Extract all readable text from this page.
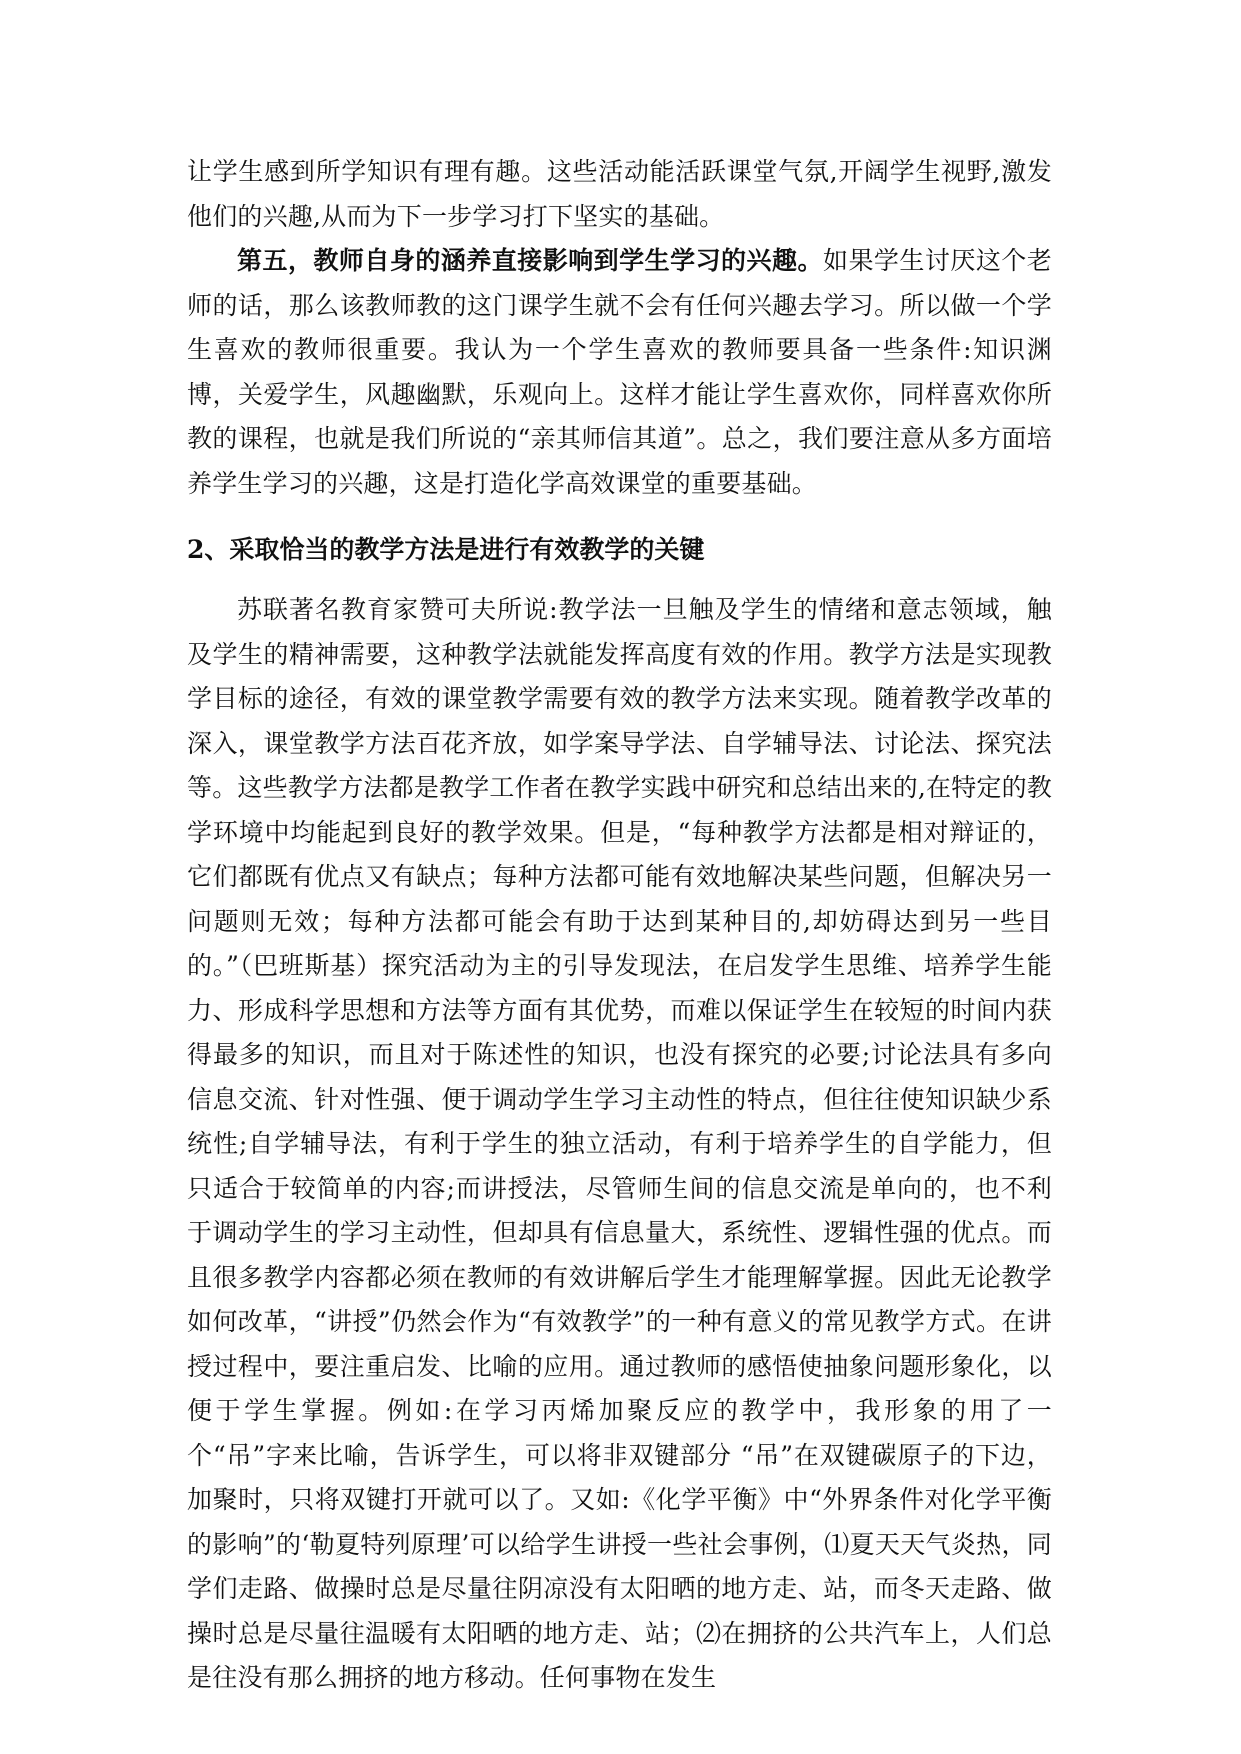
让学生感到所学知识有理有趣。这些活动能活跃课堂气氛,开阔学生视野,激发他们的兴趣,从而为下一步学习打下坚实的基础。

第五，教师自身的涵养直接影响到学生学习的兴趣。如果学生讨厌这个老师的话，那么该教师教的这门课学生就不会有任何兴趣去学习。所以做一个学生喜欢的教师很重要。我认为一个学生喜欢的教师要具备一些条件:知识渊博，关爱学生，风趣幽默，乐观向上。这样才能让学生喜欢你，同样喜欢你所教的课程，也就是我们所说的“亲其师信其道”。总之，我们要注意从多方面培养学生学习的兴趣，这是打造化学高效课堂的重要基础。

2、采取恰当的教学方法是进行有效教学的关键

苏联著名教育家赞可夫所说:教学法一旦触及学生的情绪和意志领域，触及学生的精神需要，这种教学法就能发挥高度有效的作用。教学方法是实现教学目标的途径，有效的课堂教学需要有效的教学方法来实现。随着教学改革的深入，课堂教学方法百花齐放，如学案导学法、自学辅导法、讨论法、探究法等。这些教学方法都是教学工作者在教学实践中研究和总结出来的,在特定的教学环境中均能起到良好的教学效果。但是，“每种教学方法都是相对辩证的，它们都既有优点又有缺点；每种方法都可能有效地解决某些问题，但解决另一问题则无效；每种方法都可能会有助于达到某种目的,却妨碍达到另一些目的。”（巴班斯基）探究活动为主的引导发现法，在启发学生思维、培养学生能力、形成科学思想和方法等方面有其优势，而难以保证学生在较短的时间内获得最多的知识，而且对于陈述性的知识，也没有探究的必要;讨论法具有多向信息交流、针对性强、便于调动学生学习主动性的特点，但往往使知识缺少系统性;自学辅导法，有利于学生的独立活动，有利于培养学生的自学能力，但只适合于较简单的内容;而讲授法，尽管师生间的信息交流是单向的，也不利于调动学生的学习主动性，但却具有信息量大，系统性、逻辑性强的优点。而且很多教学内容都必须在教师的有效讲解后学生才能理解掌握。因此无论教学如何改革，“讲授”仍然会作为“有效教学”的一种有意义的常见教学方式。在讲授过程中，要注重启发、比喻的应用。通过教师的感悟使抽象问题形象化，以便于学生掌握。例如:在学习丙烯加聚反应的教学中，我形象的用了一个“吊”字来比喻，告诉学生，可以将非双键部分 “吊”在双键碳原子的下边，加聚时，只将双键打开就可以了。又如:《化学平衡》中“外界条件对化学平衡的影响”的‘勒夏特列原理’可以给学生讲授一些社会事例，⑴夏天天气炎热，同学们走路、做操时总是尽量往阴凉没有太阳晒的地方走、站，而冬天走路、做操时总是尽量往温暖有太阳晒的地方走、站；⑵在拥挤的公共汽车上，人们总是往没有那么拥挤的地方移动。任何事物在发生
